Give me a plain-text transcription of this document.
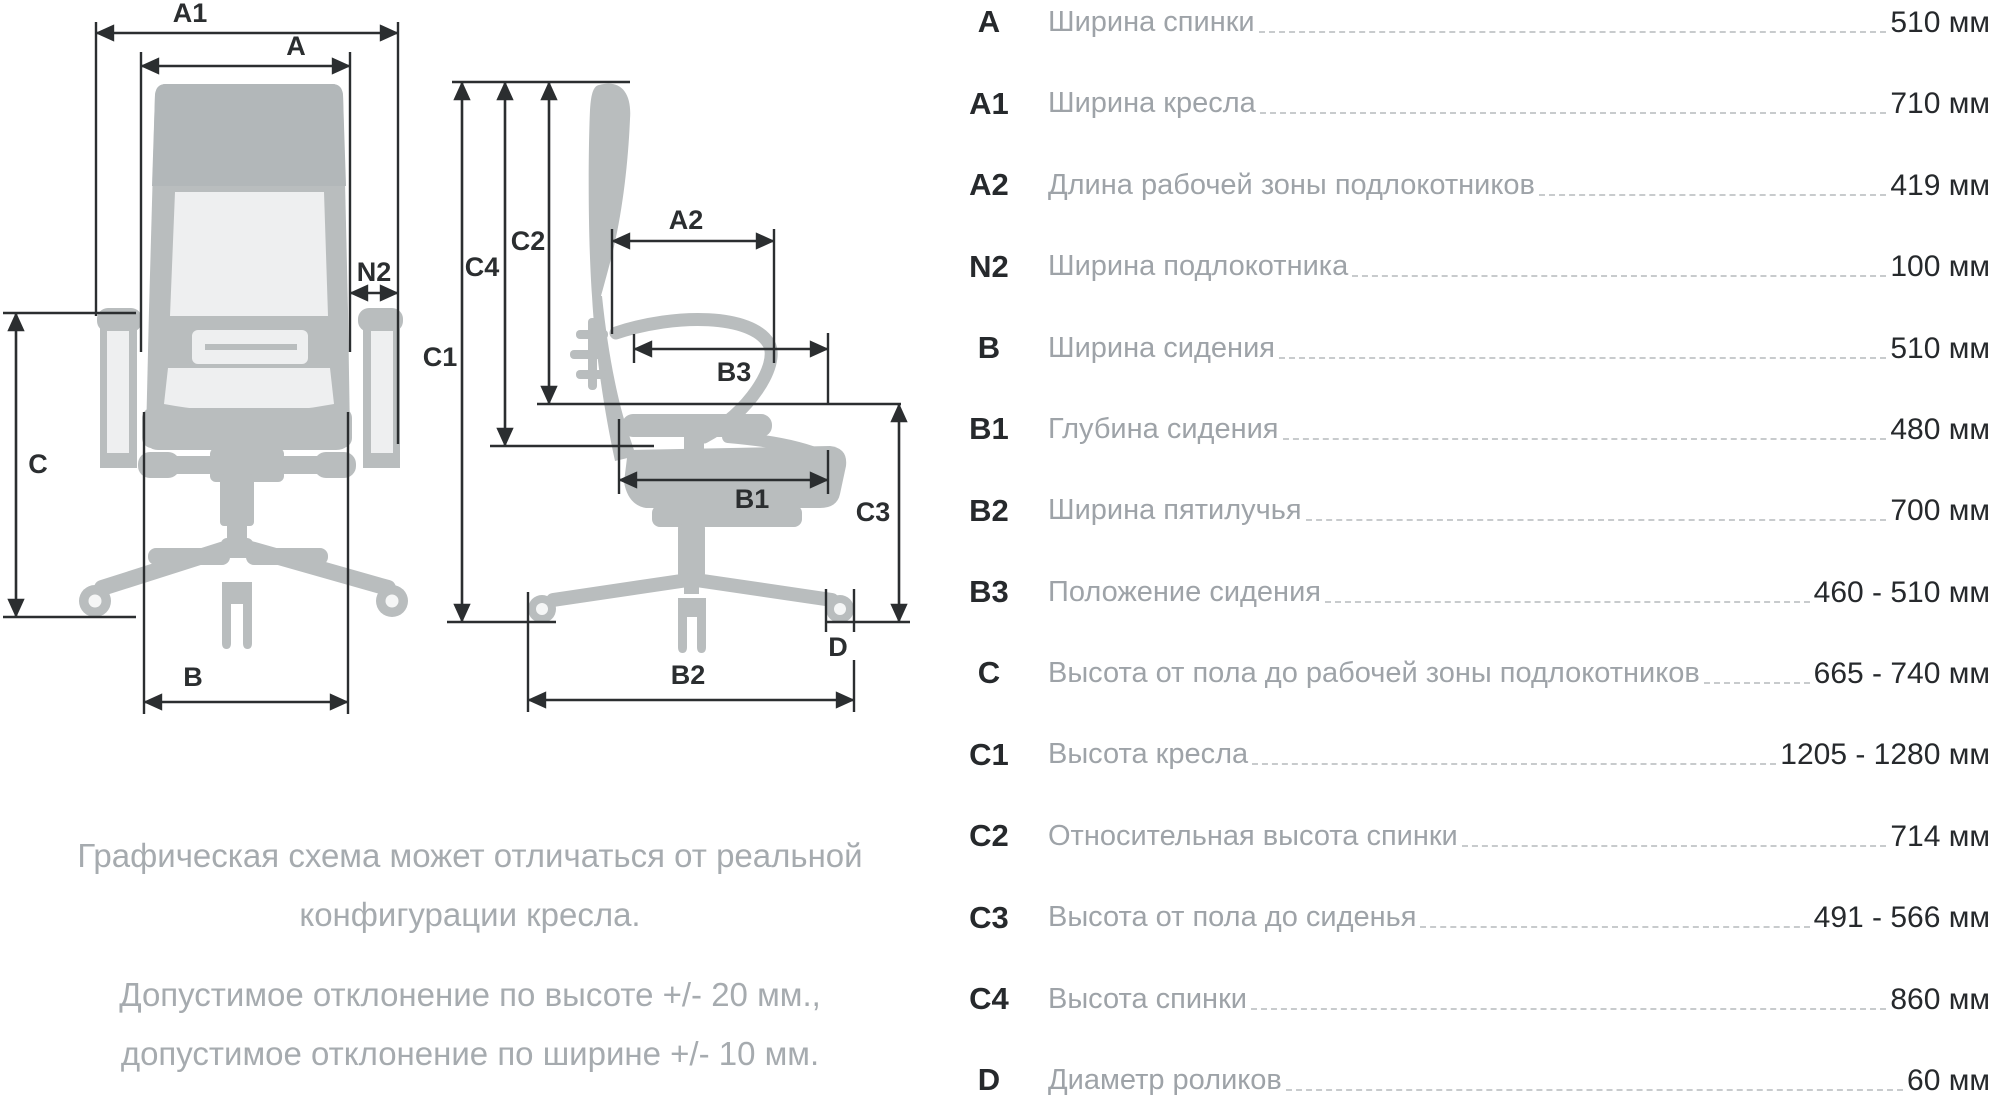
A1
A
N2
C
B
C1
C4
C2
A2
B3
B1	C3
D
B2

Графическая схема может отличаться от реальной
конфигурации кресла.

Допустимое отклонение по высоте +/- 20 мм.,
допустимое отклонение по ширине +/- 10 мм.

A	Ширина спинки	510 мм
A1	Ширина кресла	710 мм
A2	Длина рабочей зоны подлокотников	419 мм
N2	Ширина подлокотника	100 мм
B	Ширина сидения	510 мм
B1	Глубина сидения	480 мм
B2	Ширина пятилучья	700 мм
B3	Положение сидения	460 - 510 мм
C	Высота от пола до рабочей зоны подлокотников	665 - 740 мм
C1	Высота кресла	1205 - 1280 мм
C2	Относительная высота спинки	714 мм
C3	Высота от пола до сиденья	491 - 566 мм
C4	Высота спинки	860 мм
D	Диаметр роликов	60 мм
